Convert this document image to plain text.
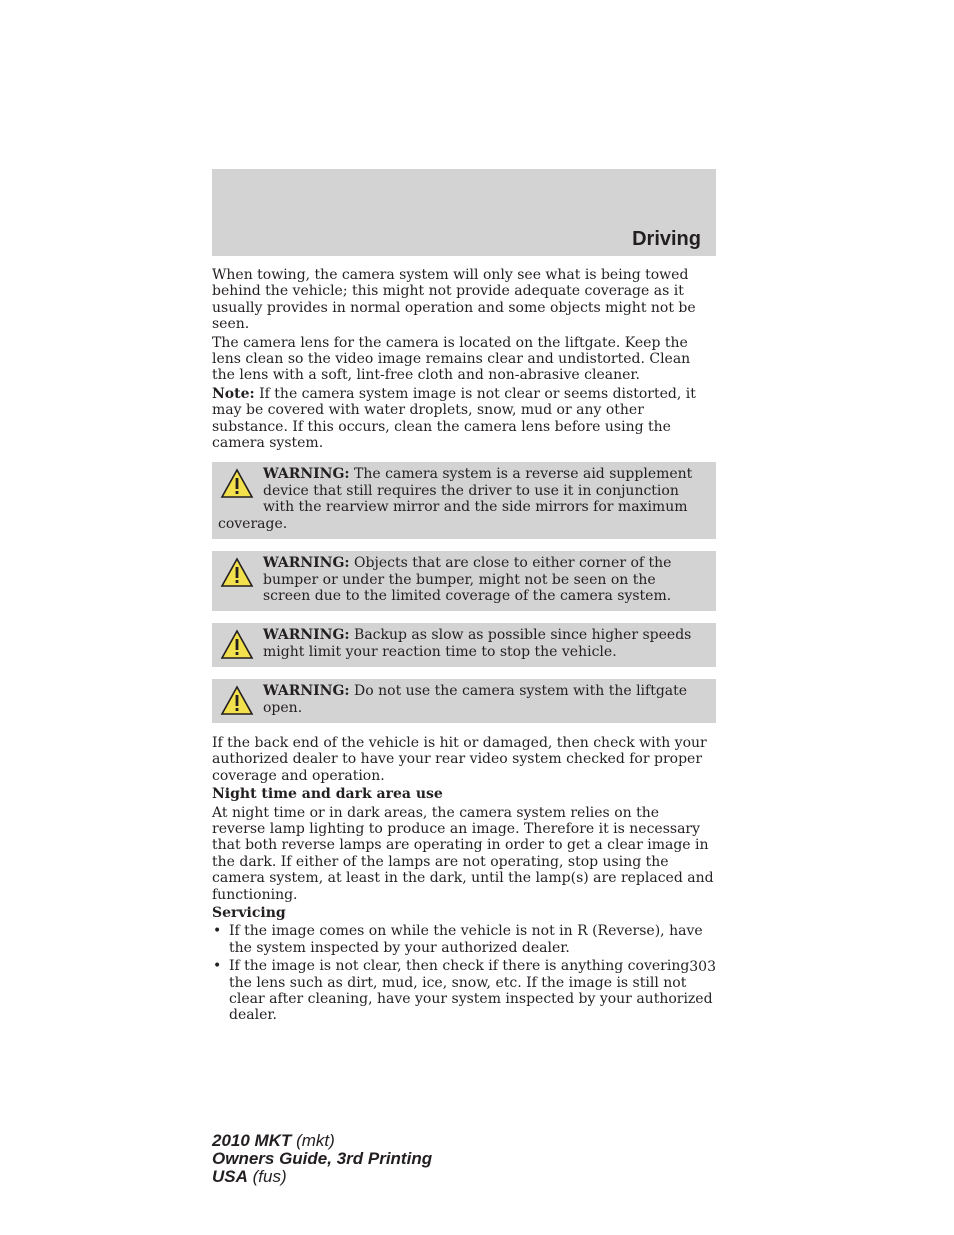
Driving

When towing, the camera system will only see what is being towed behind the vehicle; this might not provide adequate coverage as it usually provides in normal operation and some objects might not be seen.

The camera lens for the camera is located on the liftgate. Keep the lens clean so the video image remains clear and undistorted. Clean the lens with a soft, lint-free cloth and non-abrasive cleaner.

Note: If the camera system image is not clear or seems distorted, it may be covered with water droplets, snow, mud or any other substance. If this occurs, clean the camera lens before using the camera system.

WARNING: The camera system is a reverse aid supplement device that still requires the driver to use it in conjunction with the rearview mirror and the side mirrors for maximum coverage.
WARNING: Objects that are close to either corner of the bumper or under the bumper, might not be seen on the screen due to the limited coverage of the camera system.
WARNING: Backup as slow as possible since higher speeds might limit your reaction time to stop the vehicle.
WARNING: Do not use the camera system with the liftgate open.

If the back end of the vehicle is hit or damaged, then check with your authorized dealer to have your rear video system checked for proper coverage and operation.

Night time and dark area use

At night time or in dark areas, the camera system relies on the reverse lamp lighting to produce an image. Therefore it is necessary that both reverse lamps are operating in order to get a clear image in the dark. If either of the lamps are not operating, stop using the camera system, at least in the dark, until the lamp(s) are replaced and functioning.

Servicing

• If the image comes on while the vehicle is not in R (Reverse), have the system inspected by your authorized dealer.
• If the image is not clear, then check if there is anything covering the lens such as dirt, mud, ice, snow, etc. If the image is still not clear after cleaning, have your system inspected by your authorized dealer.
303
2010 MKT (mkt)
Owners Guide, 3rd Printing
USA (fus)
